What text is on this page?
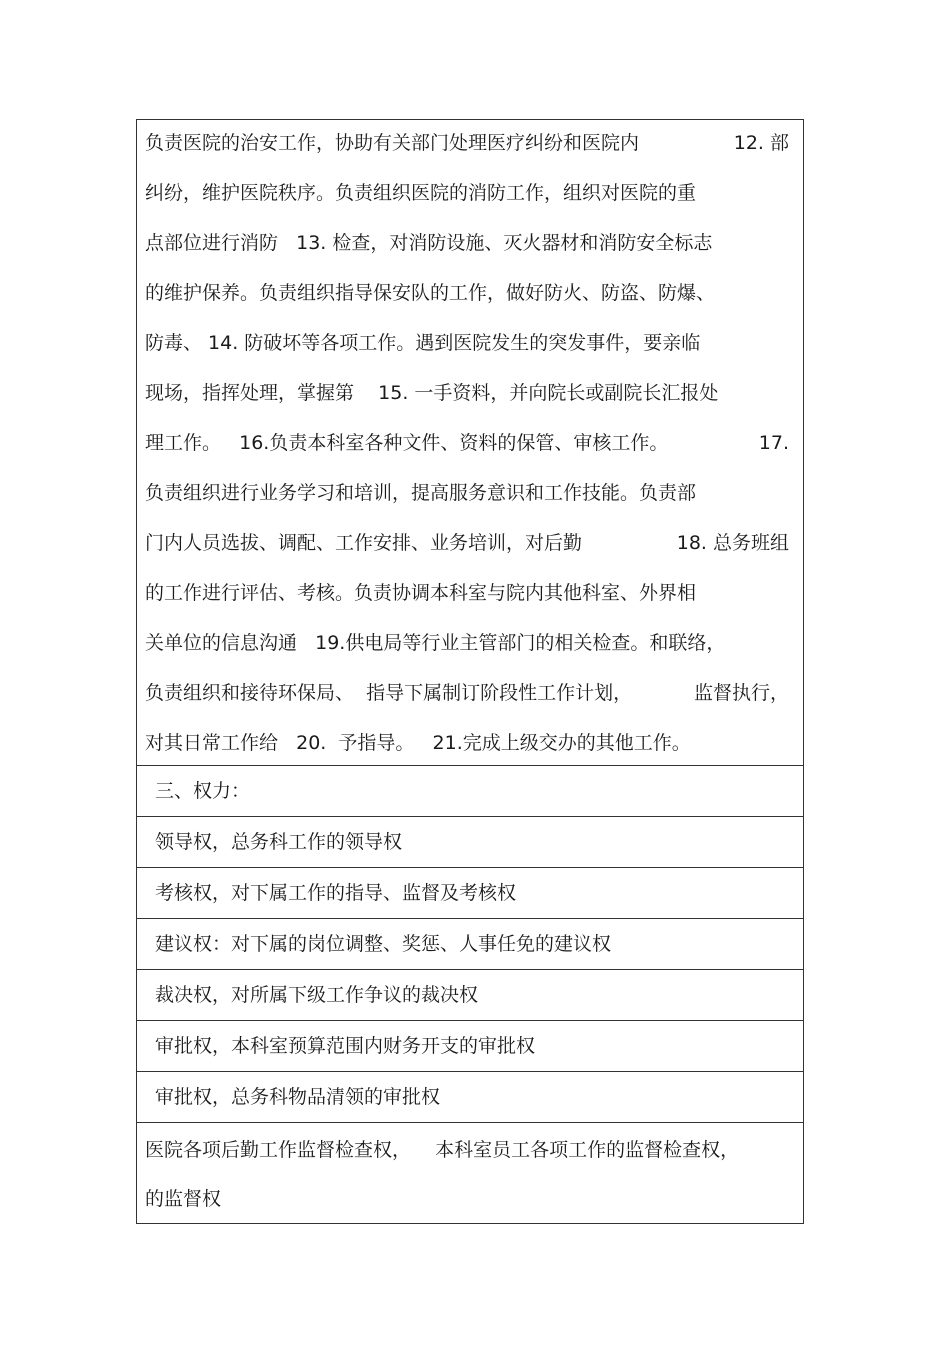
负责医院的治安工作，协助有关部门处理医疗纠纷和医院内	12. 部
纠纷，维护医院秩序。负责组织医院的消防工作，组织对医院的重
点部位进行消防   13. 检查，对消防设施、灭火器材和消防安全标志
的维护保养。负责组织指导保安队的工作，做好防火、防盗、防爆、
防毒、 14. 防破坏等各项工作。遇到医院发生的突发事件，要亲临
现场，指挥处理，掌握第    15. 一手资料，并向院长或副院长汇报处
理工作。   16.负责本科室各种文件、资料的保管、审核工作。	17.
负责组织进行业务学习和培训，提高服务意识和工作技能。负责部
门内人员选拔、调配、工作安排、业务培训，对后勤	18. 总务班组
的工作进行评估、考核。负责协调本科室与院内其他科室、外界相
关单位的信息沟通   19.供电局等行业主管部门的相关检查。和联络，
负责组织和接待环保局、  指导下属制订阶段性工作计划，	监督执行，
对其日常工作给   20.  予指导。   21.完成上级交办的其他工作。
三、权力：
领导权，总务科工作的领导权
考核权，对下属工作的指导、监督及考核权
建议权：对下属的岗位调整、奖惩、人事任免的建议权
裁决权，对所属下级工作争议的裁决权
审批权，本科室预算范围内财务开支的审批权
审批权，总务科物品清领的审批权
医院各项后勤工作监督检查权，    本科室员工各项工作的监督检查权，
的监督权
